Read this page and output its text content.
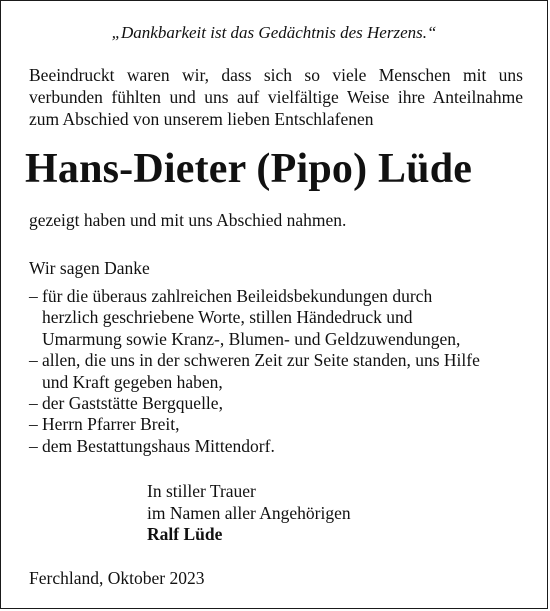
„Dankbarkeit ist das Gedächtnis des Herzens.“
Beeindruckt waren wir, dass sich so viele Menschen mit uns
verbunden fühlten und uns auf vielfältige Weise ihre Anteilnahme
zum Abschied von unserem lieben Entschlafenen
Hans-Dieter (Pipo) Lüde
gezeigt haben und mit uns Abschied nahmen.
Wir sagen Danke
– für die überaus zahlreichen Beileidsbekundungen durch
herzlich geschriebene Worte, stillen Händedruck und
Umarmung sowie Kranz-, Blumen- und Geldzuwendungen,
– allen, die uns in der schweren Zeit zur Seite standen, uns Hilfe
und Kraft gegeben haben,
– der Gaststätte Bergquelle,
– Herrn Pfarrer Breit,
– dem Bestattungshaus Mittendorf.
In stiller Trauer
im Namen aller Angehörigen
Ralf Lüde
Ferchland, Oktober 2023
